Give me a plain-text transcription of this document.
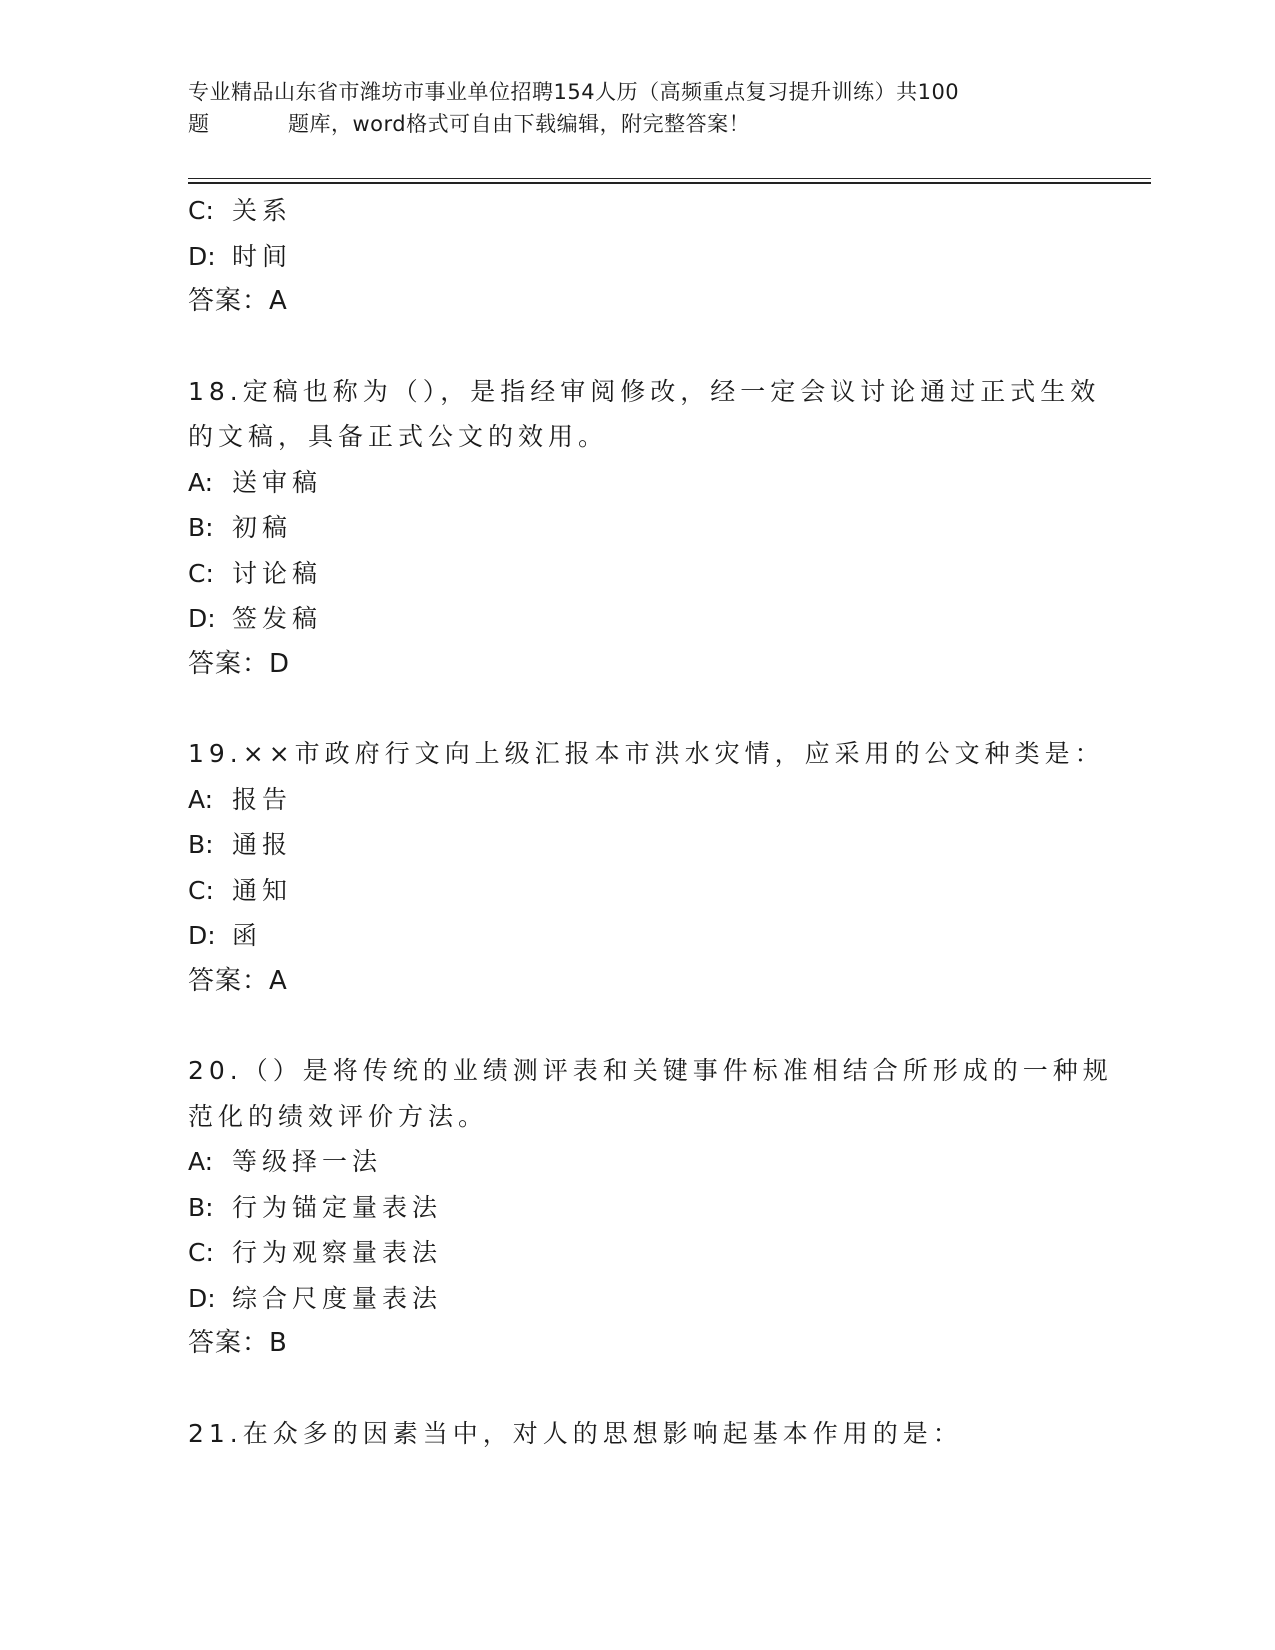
专业精品山东省市潍坊市事业单位招聘154人历（高频重点复习提升训练）共100
题	题库，word格式可自由下载编辑，附完整答案！
C: 关系
D: 时间
答案：A
18.定稿也称为（），是指经审阅修改，经一定会议讨论通过正式生效
的文稿，具备正式公文的效用。
A: 送审稿
B: 初稿
C: 讨论稿
D: 签发稿
答案：D
19.××市政府行文向上级汇报本市洪水灾情，应采用的公文种类是：
A: 报告
B: 通报
C: 通知
D: 函
答案：A
20.（）是将传统的业绩测评表和关键事件标准相结合所形成的一种规
范化的绩效评价方法。
A: 等级择一法
B: 行为锚定量表法
C: 行为观察量表法
D: 综合尺度量表法
答案：B
21.在众多的因素当中，对人的思想影响起基本作用的是：
